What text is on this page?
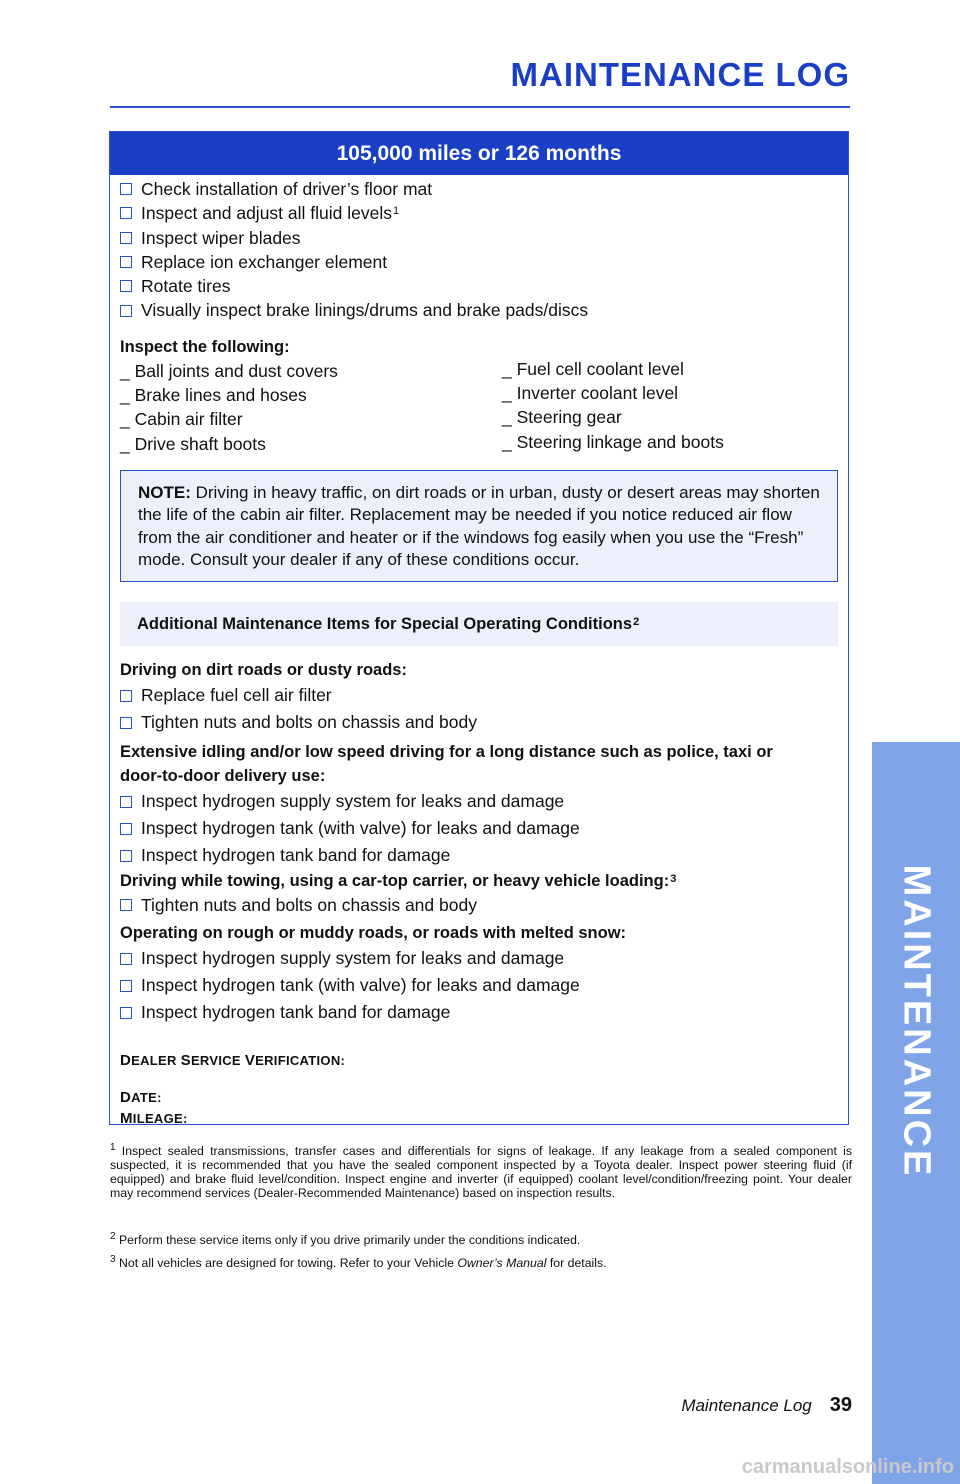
MAINTENANCE LOG
MAINTENANCE
105,000 miles or 126 months
Check installation of driver’s floor mat
Inspect and adjust all fluid levels 1
Inspect wiper blades
Replace ion exchanger element
Rotate tires
Visually inspect brake linings/drums and brake pads/discs
Inspect the following:
_ Ball joints and dust covers
_ Brake lines and hoses
_ Cabin air filter
_ Drive shaft boots
_ Fuel cell coolant level
_ Inverter coolant level
_ Steering gear
_ Steering linkage and boots
NOTE: Driving in heavy traffic, on dirt roads or in urban, dusty or desert areas may shorten the life of the cabin air filter. Replacement may be needed if you notice reduced air flow from the air conditioner and heater or if the windows fog easily when you use the “Fresh” mode. Consult your dealer if any of these conditions occur.
Additional Maintenance Items for Special Operating Conditions 2
Driving on dirt roads or dusty roads:
Replace fuel cell air filter
Tighten nuts and bolts on chassis and body
Extensive idling and/or low speed driving for a long distance such as police, taxi or
door-to-door delivery use:
Inspect hydrogen supply system for leaks and damage
Inspect hydrogen tank (with valve) for leaks and damage
Inspect hydrogen tank band for damage
Driving while towing, using a car-top carrier, or heavy vehicle loading:$^3$
Tighten nuts and bolts on chassis and body
Operating on rough or muddy roads, or roads with melted snow:
Inspect hydrogen supply system for leaks and damage
Inspect hydrogen tank (with valve) for leaks and damage
Inspect hydrogen tank band for damage
DEALER SERVICE VERIFICATION:
DATE:
MILEAGE:
$^1$ Inspect sealed transmissions, transfer cases and differentials for signs of leakage. If any leakage from a sealed component is suspected, it is recommended that you have the sealed component inspected by a Toyota dealer. Inspect power steering fluid (if equipped) and brake fluid level/condition. Inspect engine and inverter (if equipped) coolant level/condition/freezing point. Your dealer may recommend services (Dealer-Recommended Maintenance) based on inspection results.
$^2$ Perform these service items only if you drive primarily under the conditions indicated.
$^3$ Not all vehicles are designed for towing. Refer to your Vehicle Owner’s Manual for details.
Maintenance Log 39
carmanualsonline.info
